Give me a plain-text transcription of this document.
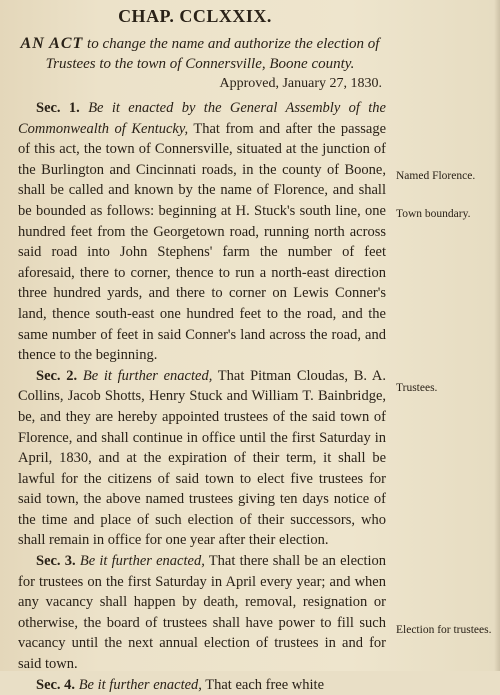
CHAP. CCLXXIX.
AN ACT to change the name and authorize the election of Trustees to the town of Connersville, Boone county.
Approved, January 27, 1830.

Sec. 1. Be it enacted by the General Assembly of the Commonwealth of Kentucky, That from and after the passage of this act, the town of Connersville, situated at the junction of the Burlington and Cincinnati roads, in the county of Boone, shall be called and known by the name of Florence, and shall be bounded as follows: beginning at H. Stuck's south line, one hundred feet from the Georgetown road, running north across said road into John Stephens' farm the number of feet aforesaid, there to corner, thence to run a north-east direction three hundred yards, and there to corner on Lewis Conner's land, thence south-east one hundred feet to the road, and the same number of feet in said Conner's land across the road, and thence to the beginning.

Sec. 2. Be it further enacted, That Pitman Cloudas, B. A. Collins, Jacob Shotts, Henry Stuck and William T. Bainbridge, be, and they are hereby appointed trustees of the said town of Florence, and shall continue in office until the first Saturday in April, 1830, and at the expiration of their term, it shall be lawful for the citizens of said town to elect five trustees for said town, the above named trustees giving ten days notice of the time and place of such election of their successors, who shall remain in office for one year after their election.

Sec. 3. Be it further enacted, That there shall be an election for trustees on the first Saturday in April every year; and when any vacancy shall happen by death, removal, resignation or otherwise, the board of trustees shall have power to fill such vacancy until the next annual election of trustees in and for said town.

Sec. 4. Be it further enacted, That each free white

Named Florence.
Town boundary.
Trustees.
Election for trustees.
